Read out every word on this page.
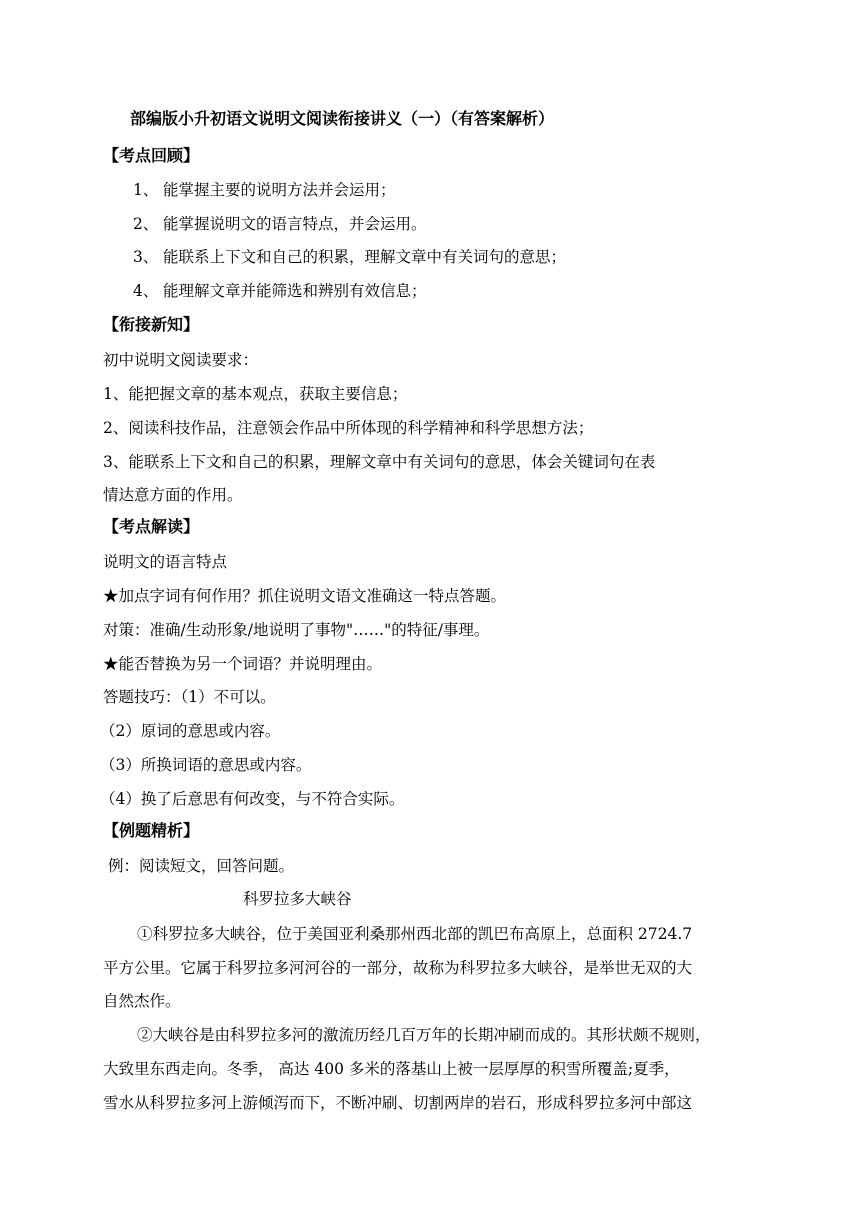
部编版小升初语文说明文阅读衔接讲义（一）（有答案解析）
【考点回顾】
1、 能掌握主要的说明方法并会运用；
2、 能掌握说明文的语言特点，并会运用。
3、 能联系上下文和自己的积累，理解文章中有关词句的意思；
4、 能理解文章并能筛选和辨别有效信息；
【衔接新知】
初中说明文阅读要求：
1、能把握文章的基本观点，获取主要信息；
2、阅读科技作品，注意领会作品中所体现的科学精神和科学思想方法；
3、能联系上下文和自己的积累，理解文章中有关词句的意思，体会关键词句在表
情达意方面的作用。
【考点解读】
说明文的语言特点
★加点字词有何作用？抓住说明文语文准确这一特点答题。
对策：准确/生动形象/地说明了事物"……"的特征/事理。
★能否替换为另一个词语？并说明理由。
答题技巧：（1）不可以。
（2）原词的意思或内容。
（3）所换词语的意思或内容。
（4）换了后意思有何改变，与不符合实际。
【例题精析】
例：阅读短文，回答问题。
科罗拉多大峡谷
①科罗拉多大峡谷，位于美国亚利桑那州西北部的凯巴布高原上，总面积 2724.7
平方公里。它属于科罗拉多河河谷的一部分，故称为科罗拉多大峡谷，是举世无双的大
自然杰作。
②大峡谷是由科罗拉多河的激流历经几百万年的长期冲刷而成的。其形状颇不规则，
大致里东西走向。冬季， 高达 400 多米的落基山上被一层厚厚的积雪所覆盖;夏季，
雪水从科罗拉多河上游倾泻而下，不断冲刷、切割两岸的岩石，形成科罗拉多河中部这
